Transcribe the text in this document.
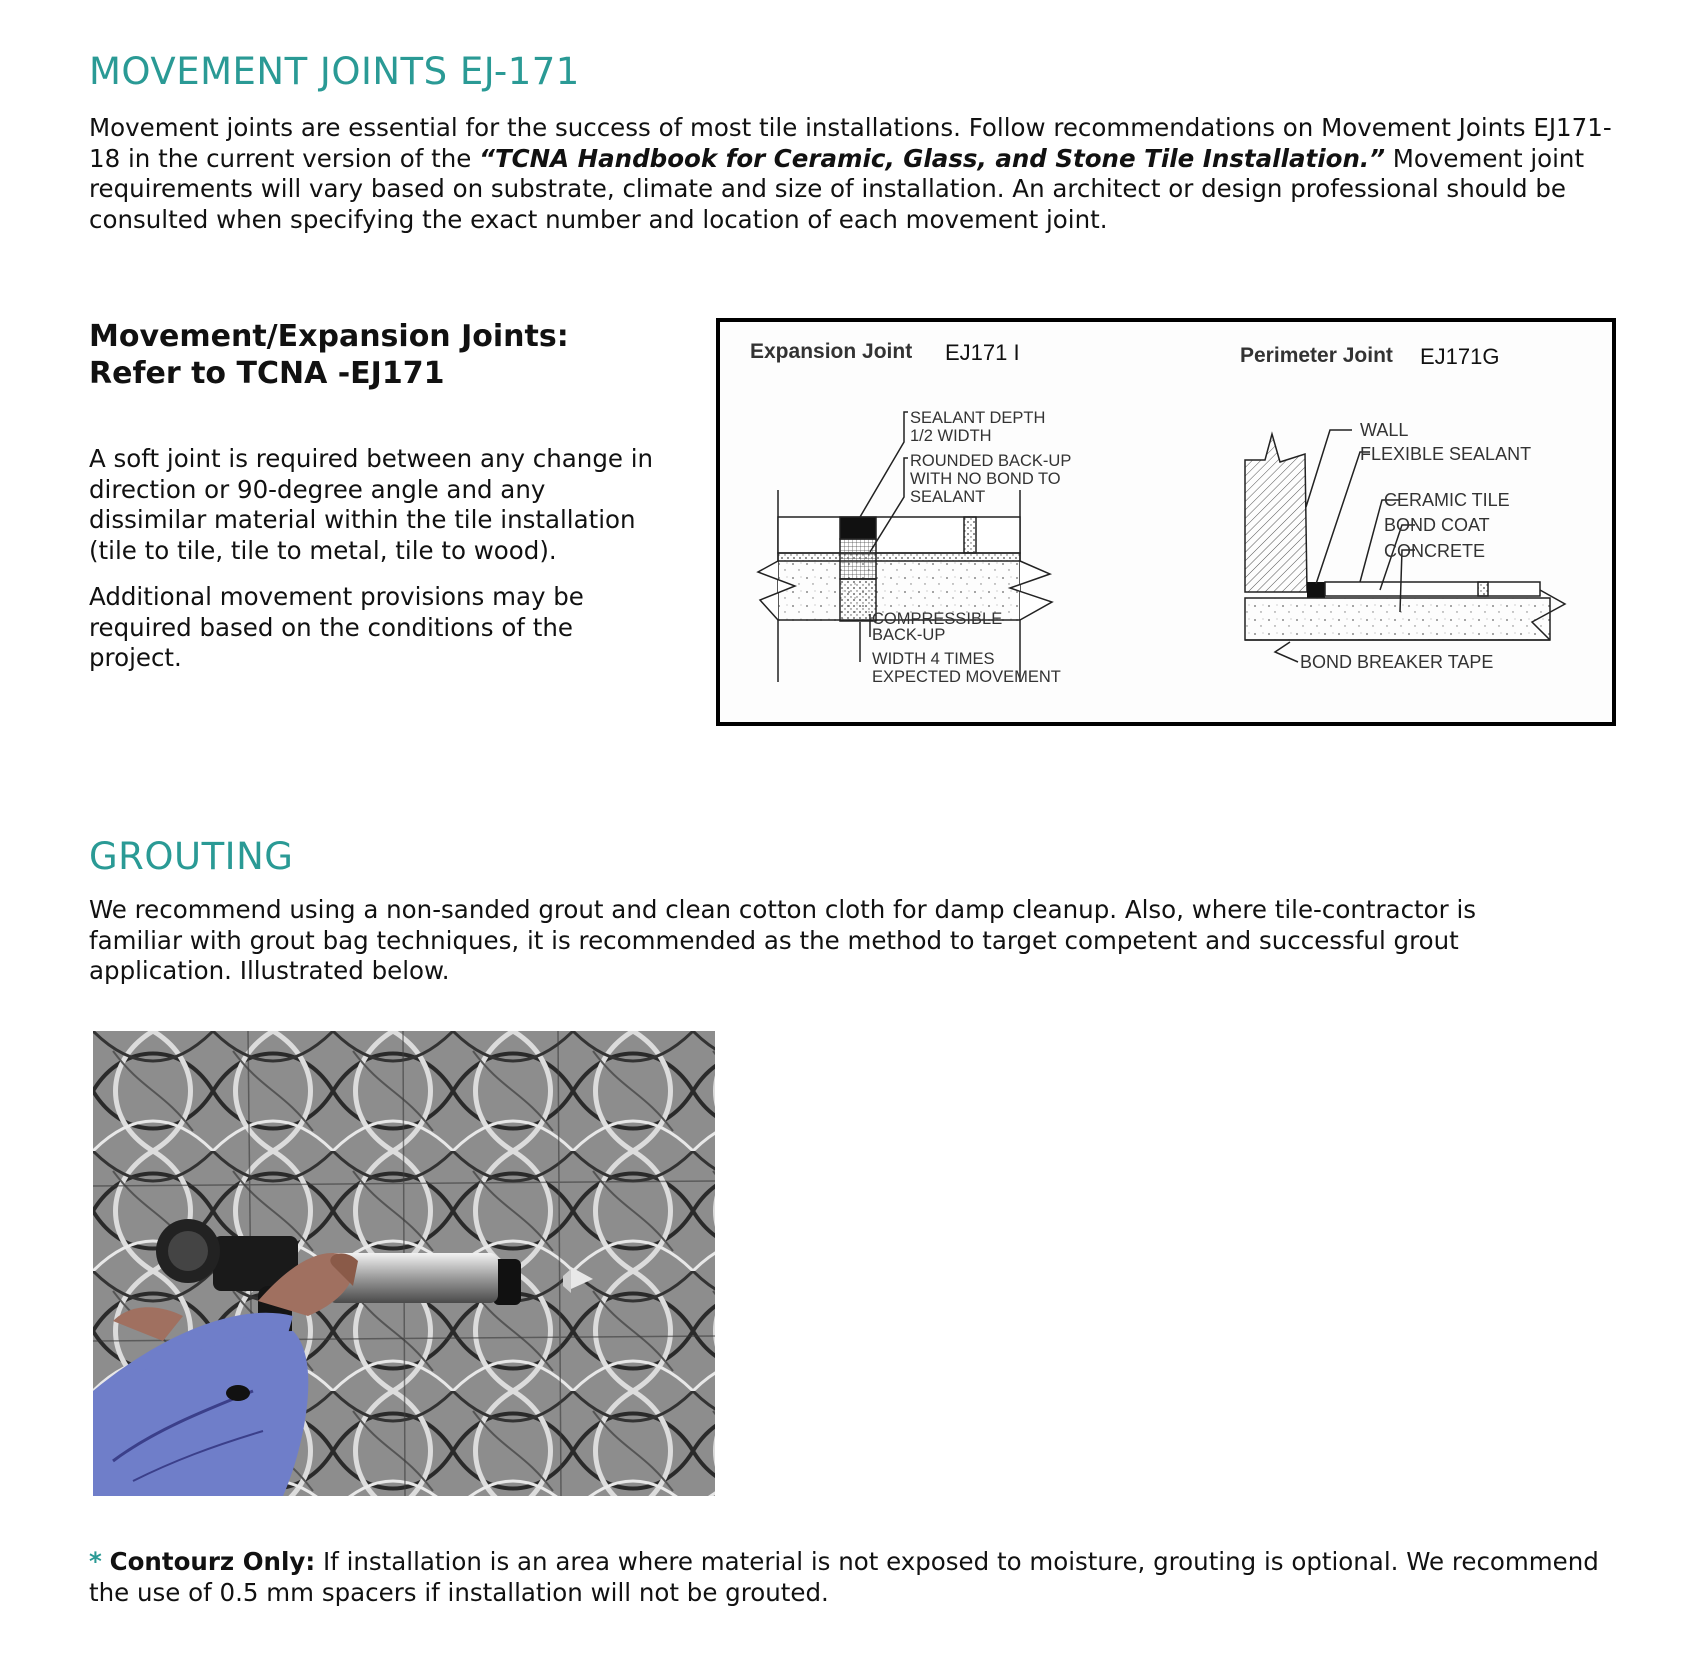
MOVEMENT JOINTS EJ-171

Movement joints are essential for the success of most tile installations. Follow recommendations on Movement Joints EJ171-18 in the current version of the “TCNA Handbook for Ceramic, Glass, and Stone Tile Installation.” Movement joint requirements will vary based on substrate, climate and size of installation. An architect or design professional should be consulted when specifying the exact number and location of each movement joint.

Movement/Expansion Joints: Refer to TCNA -EJ171

A soft joint is required between any change in direction or 90-degree angle and any dissimilar material within the tile installation (tile to tile, tile to metal, tile to wood).

Additional movement provisions may be required based on the conditions of the project.

Expansion Joint EJ171 I
SEALANT DEPTH
1/2 WIDTH
ROUNDED BACK-UP
WITH NO BOND TO
SEALANT
COMPRESSIBLE
BACK-UP
WIDTH 4 TIMES
EXPECTED MOVEMENT
Perimeter Joint EJ171G
WALL
FLEXIBLE SEALANT
CERAMIC TILE
BOND COAT
CONCRETE
BOND BREAKER TAPE
GROUTING

We recommend using a non-sanded grout and clean cotton cloth for damp cleanup. Also, where tile-contractor is familiar with grout bag techniques, it is recommended as the method to target competent and successful grout application. Illustrated below.

* Contourz Only: If installation is an area where material is not exposed to moisture, grouting is optional. We recommend the use of 0.5 mm spacers if installation will not be grouted.
